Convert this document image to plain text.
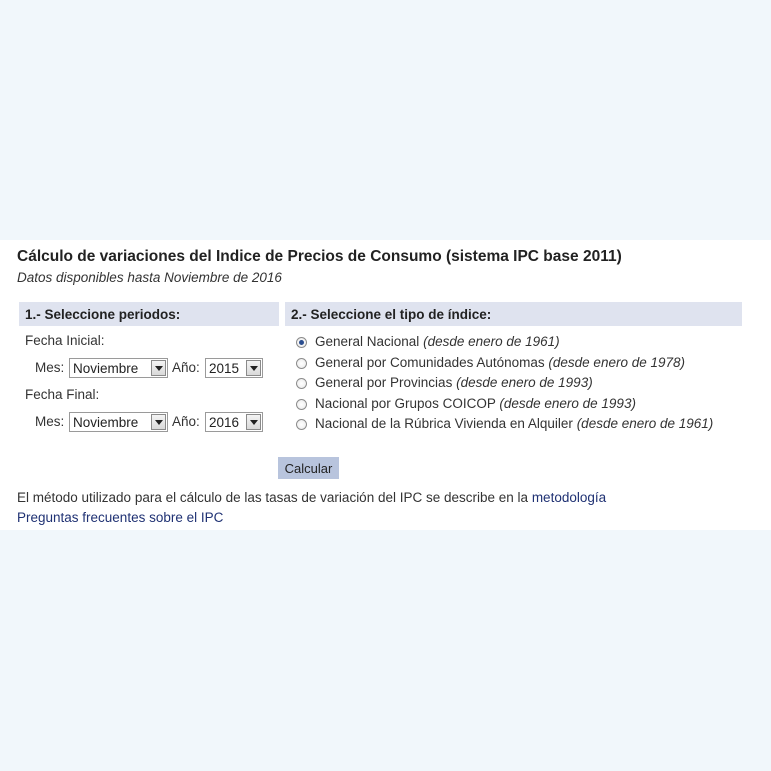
Cálculo de variaciones del Indice de Precios de Consumo (sistema IPC base 2011)
Datos disponibles hasta Noviembre de 2016
1.- Seleccione periodos:
Fecha Inicial:
Mes: Noviembre	Año: 2015
Fecha Final:
Mes: Noviembre	Año: 2016
2.- Seleccione el tipo de índice:
General Nacional (desde enero de 1961)
General por Comunidades Autónomas (desde enero de 1978)
General por Provincias (desde enero de 1993)
Nacional por Grupos COICOP (desde enero de 1993)
Nacional de la Rúbrica Vivienda en Alquiler (desde enero de 1961)
Calcular
El método utilizado para el cálculo de las tasas de variación del IPC se describe en la metodología
Preguntas frecuentes sobre el IPC
